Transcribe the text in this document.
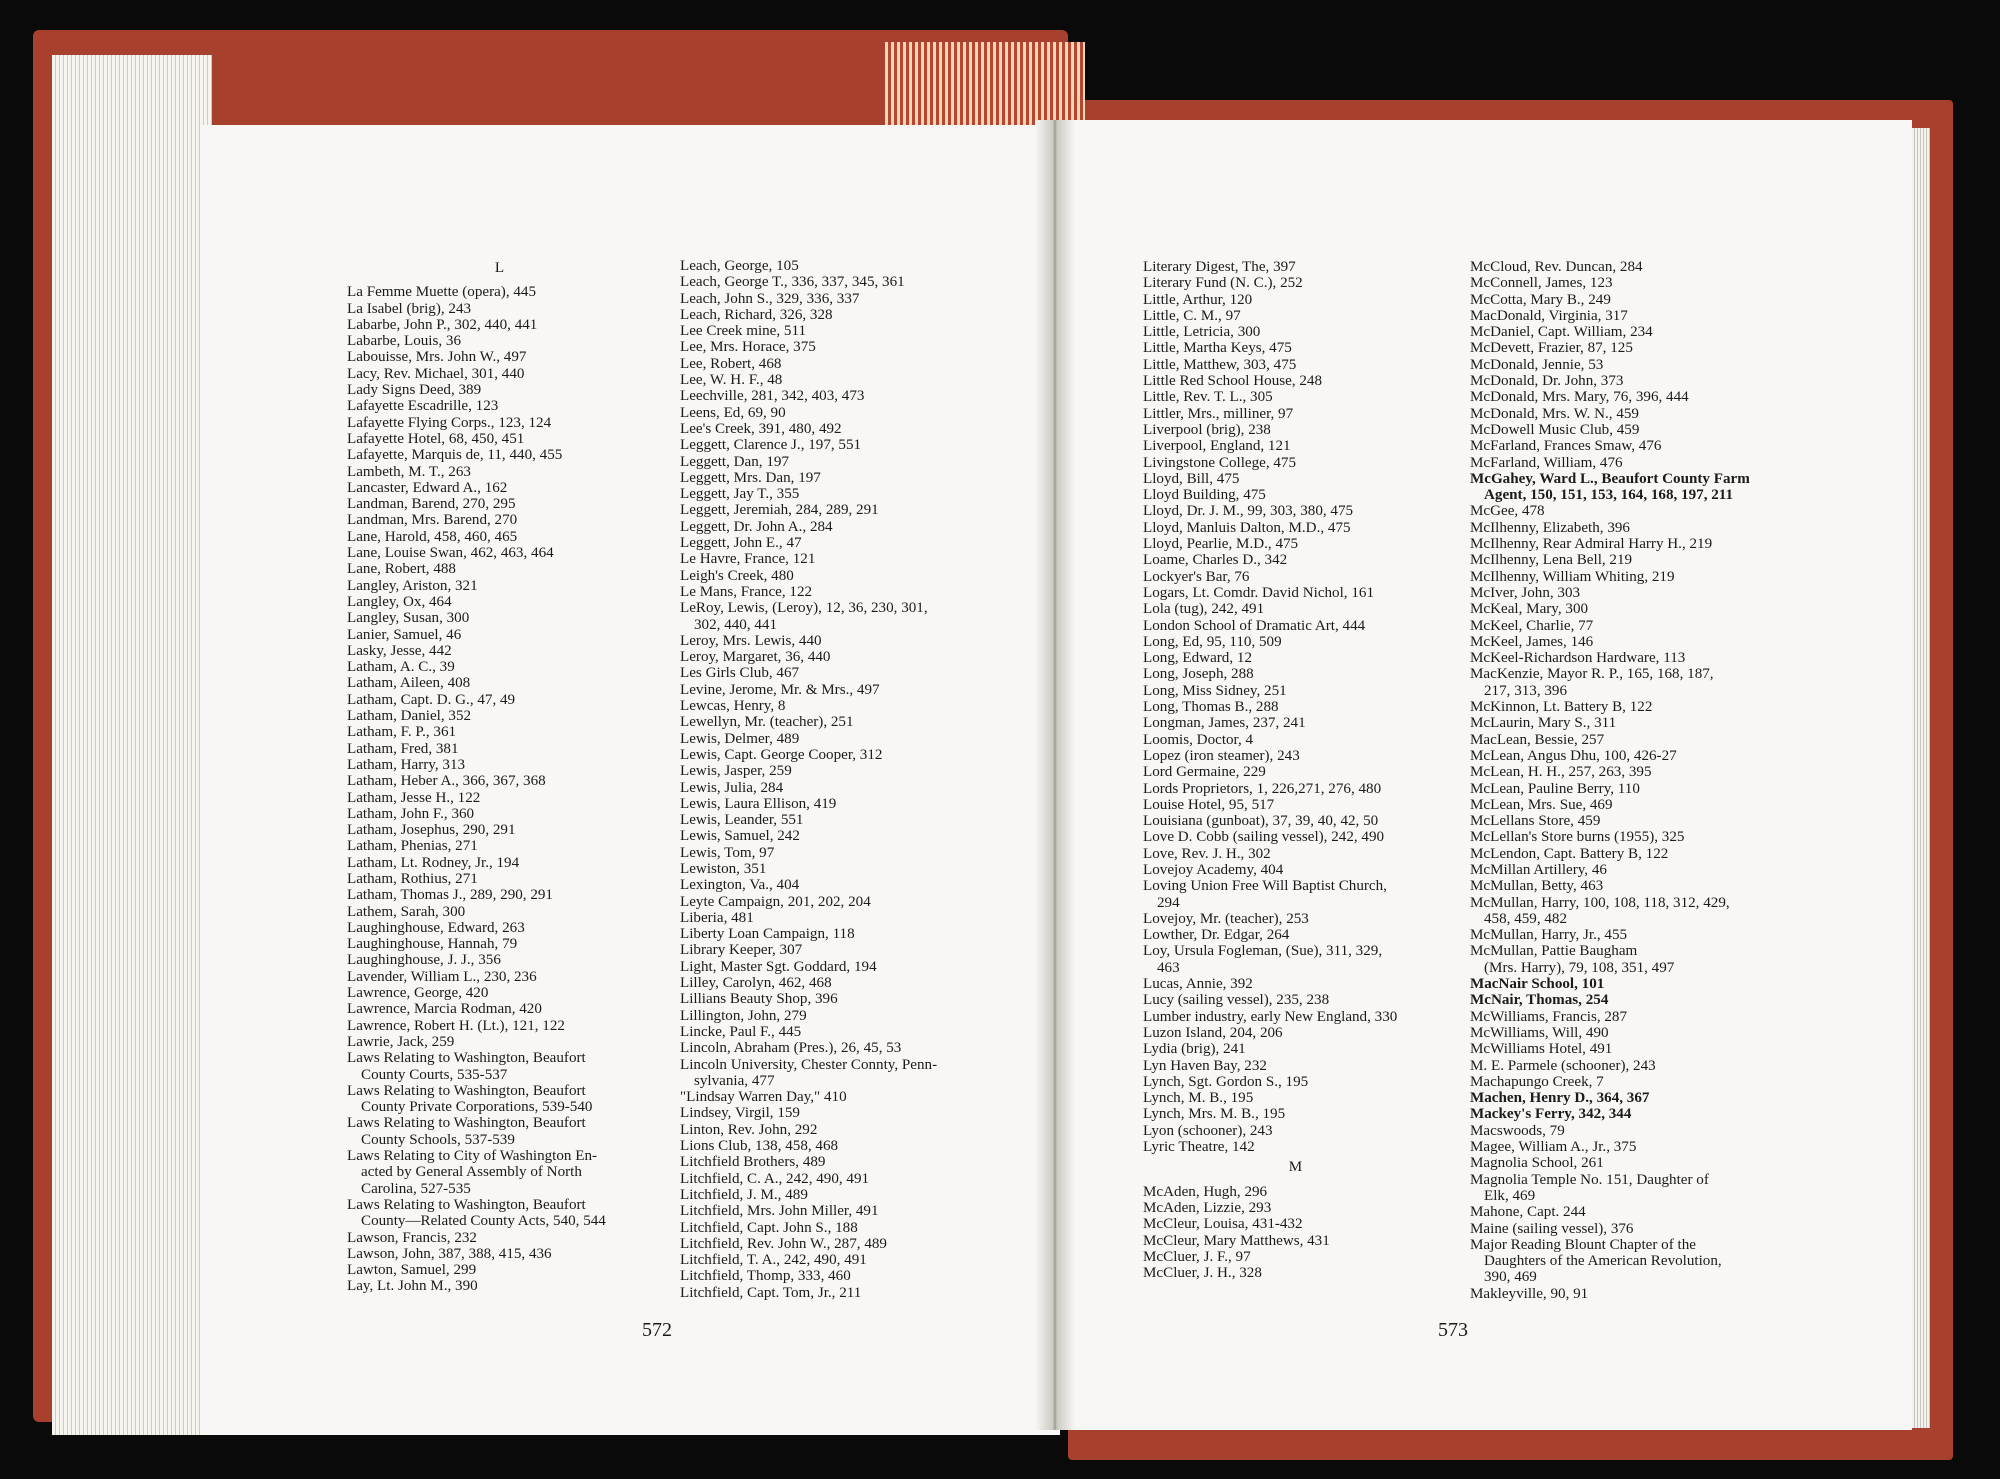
L
La Femme Muette (opera), 445
La Isabel (brig), 243
Labarbe, John P., 302, 440, 441
Labarbe, Louis, 36
Labouisse, Mrs. John W., 497
Lacy, Rev. Michael, 301, 440
Lady Signs Deed, 389
Lafayette Escadrille, 123
Lafayette Flying Corps., 123, 124
Lafayette Hotel, 68, 450, 451
Lafayette, Marquis de, 11, 440, 455
Lambeth, M. T., 263
Lancaster, Edward A., 162
Landman, Barend, 270, 295
Landman, Mrs. Barend, 270
Lane, Harold, 458, 460, 465
Lane, Louise Swan, 462, 463, 464
Lane, Robert, 488
Langley, Ariston, 321
Langley, Ox, 464
Langley, Susan, 300
Lanier, Samuel, 46
Lasky, Jesse, 442
Latham, A. C., 39
Latham, Aileen, 408
Latham, Capt. D. G., 47, 49
Latham, Daniel, 352
Latham, F. P., 361
Latham, Fred, 381
Latham, Harry, 313
Latham, Heber A., 366, 367, 368
Latham, Jesse H., 122
Latham, John F., 360
Latham, Josephus, 290, 291
Latham, Phenias, 271
Latham, Lt. Rodney, Jr., 194
Latham, Rothius, 271
Latham, Thomas J., 289, 290, 291
Lathem, Sarah, 300
Laughinghouse, Edward, 263
Laughinghouse, Hannah, 79
Laughinghouse, J. J., 356
Lavender, William L., 230, 236
Lawrence, George, 420
Lawrence, Marcia Rodman, 420
Lawrence, Robert H. (Lt.), 121, 122
Lawrie, Jack, 259
Laws Relating to Washington, Beaufort
County Courts, 535-537
Laws Relating to Washington, Beaufort
County Private Corporations, 539-540
Laws Relating to Washington, Beaufort
County Schools, 537-539
Laws Relating to City of Washington En-
acted by General Assembly of North
Carolina, 527-535
Laws Relating to Washington, Beaufort
County—Related County Acts, 540, 544
Lawson, Francis, 232
Lawson, John, 387, 388, 415, 436
Lawton, Samuel, 299
Lay, Lt. John M., 390
Leach, George, 105
Leach, George T., 336, 337, 345, 361
Leach, John S., 329, 336, 337
Leach, Richard, 326, 328
Lee Creek mine, 511
Lee, Mrs. Horace, 375
Lee, Robert, 468
Lee, W. H. F., 48
Leechville, 281, 342, 403, 473
Leens, Ed, 69, 90
Lee's Creek, 391, 480, 492
Leggett, Clarence J., 197, 551
Leggett, Dan, 197
Leggett, Mrs. Dan, 197
Leggett, Jay T., 355
Leggett, Jeremiah, 284, 289, 291
Leggett, Dr. John A., 284
Leggett, John E., 47
Le Havre, France, 121
Leigh's Creek, 480
Le Mans, France, 122
LeRoy, Lewis, (Leroy), 12, 36, 230, 301,
302, 440, 441
Leroy, Mrs. Lewis, 440
Leroy, Margaret, 36, 440
Les Girls Club, 467
Levine, Jerome, Mr. & Mrs., 497
Lewcas, Henry, 8
Lewellyn, Mr. (teacher), 251
Lewis, Delmer, 489
Lewis, Capt. George Cooper, 312
Lewis, Jasper, 259
Lewis, Julia, 284
Lewis, Laura Ellison, 419
Lewis, Leander, 551
Lewis, Samuel, 242
Lewis, Tom, 97
Lewiston, 351
Lexington, Va., 404
Leyte Campaign, 201, 202, 204
Liberia, 481
Liberty Loan Campaign, 118
Library Keeper, 307
Light, Master Sgt. Goddard, 194
Lilley, Carolyn, 462, 468
Lillians Beauty Shop, 396
Lillington, John, 279
Lincke, Paul F., 445
Lincoln, Abraham (Pres.), 26, 45, 53
Lincoln University, Chester Connty, Penn-
sylvania, 477
"Lindsay Warren Day," 410
Lindsey, Virgil, 159
Linton, Rev. John, 292
Lions Club, 138, 458, 468
Litchfield Brothers, 489
Litchfield, C. A., 242, 490, 491
Litchfield, J. M., 489
Litchfield, Mrs. John Miller, 491
Litchfield, Capt. John S., 188
Litchfield, Rev. John W., 287, 489
Litchfield, T. A., 242, 490, 491
Litchfield, Thomp, 333, 460
Litchfield, Capt. Tom, Jr., 211
Literary Digest, The, 397
Literary Fund (N. C.), 252
Little, Arthur, 120
Little, C. M., 97
Little, Letricia, 300
Little, Martha Keys, 475
Little, Matthew, 303, 475
Little Red School House, 248
Little, Rev. T. L., 305
Littler, Mrs., milliner, 97
Liverpool (brig), 238
Liverpool, England, 121
Livingstone College, 475
Lloyd, Bill, 475
Lloyd Building, 475
Lloyd, Dr. J. M., 99, 303, 380, 475
Lloyd, Manluis Dalton, M.D., 475
Lloyd, Pearlie, M.D., 475
Loame, Charles D., 342
Lockyer's Bar, 76
Logars, Lt. Comdr. David Nichol, 161
Lola (tug), 242, 491
London School of Dramatic Art, 444
Long, Ed, 95, 110, 509
Long, Edward, 12
Long, Joseph, 288
Long, Miss Sidney, 251
Long, Thomas B., 288
Longman, James, 237, 241
Loomis, Doctor, 4
Lopez (iron steamer), 243
Lord Germaine, 229
Lords Proprietors, 1, 226,271, 276, 480
Louise Hotel, 95, 517
Louisiana (gunboat), 37, 39, 40, 42, 50
Love D. Cobb (sailing vessel), 242, 490
Love, Rev. J. H., 302
Lovejoy Academy, 404
Loving Union Free Will Baptist Church,
294
Lovejoy, Mr. (teacher), 253
Lowther, Dr. Edgar, 264
Loy, Ursula Fogleman, (Sue), 311, 329,
463
Lucas, Annie, 392
Lucy (sailing vessel), 235, 238
Lumber industry, early New England, 330
Luzon Island, 204, 206
Lydia (brig), 241
Lyn Haven Bay, 232
Lynch, Sgt. Gordon S., 195
Lynch, M. B., 195
Lynch, Mrs. M. B., 195
Lyon (schooner), 243
Lyric Theatre, 142
M
McAden, Hugh, 296
McAden, Lizzie, 293
McCleur, Louisa, 431-432
McCleur, Mary Matthews, 431
McCluer, J. F., 97
McCluer, J. H., 328
McCloud, Rev. Duncan, 284
McConnell, James, 123
McCotta, Mary B., 249
MacDonald, Virginia, 317
McDaniel, Capt. William, 234
McDevett, Frazier, 87, 125
McDonald, Jennie, 53
McDonald, Dr. John, 373
McDonald, Mrs. Mary, 76, 396, 444
McDonald, Mrs. W. N., 459
McDowell Music Club, 459
McFarland, Frances Smaw, 476
McFarland, William, 476
McGahey, Ward L., Beaufort County Farm
Agent, 150, 151, 153, 164, 168, 197, 211
McGee, 478
McIlhenny, Elizabeth, 396
McIlhenny, Rear Admiral Harry H., 219
McIlhenny, Lena Bell, 219
McIlhenny, William Whiting, 219
McIver, John, 303
McKeal, Mary, 300
McKeel, Charlie, 77
McKeel, James, 146
McKeel-Richardson Hardware, 113
MacKenzie, Mayor R. P., 165, 168, 187,
217, 313, 396
McKinnon, Lt. Battery B, 122
McLaurin, Mary S., 311
MacLean, Bessie, 257
McLean, Angus Dhu, 100, 426-27
McLean, H. H., 257, 263, 395
McLean, Pauline Berry, 110
McLean, Mrs. Sue, 469
McLellans Store, 459
McLellan's Store burns (1955), 325
McLendon, Capt. Battery B, 122
McMillan Artillery, 46
McMullan, Betty, 463
McMullan, Harry, 100, 108, 118, 312, 429,
458, 459, 482
McMullan, Harry, Jr., 455
McMullan, Pattie Baugham
(Mrs. Harry), 79, 108, 351, 497
MacNair School, 101
McNair, Thomas, 254
McWilliams, Francis, 287
McWilliams, Will, 490
McWilliams Hotel, 491
M. E. Parmele (schooner), 243
Machapungo Creek, 7
Machen, Henry D., 364, 367
Mackey's Ferry, 342, 344
Macswoods, 79
Magee, William A., Jr., 375
Magnolia School, 261
Magnolia Temple No. 151, Daughter of
Elk, 469
Mahone, Capt. 244
Maine (sailing vessel), 376
Major Reading Blount Chapter of the
Daughters of the American Revolution,
390, 469
Makleyville, 90, 91
572	573
